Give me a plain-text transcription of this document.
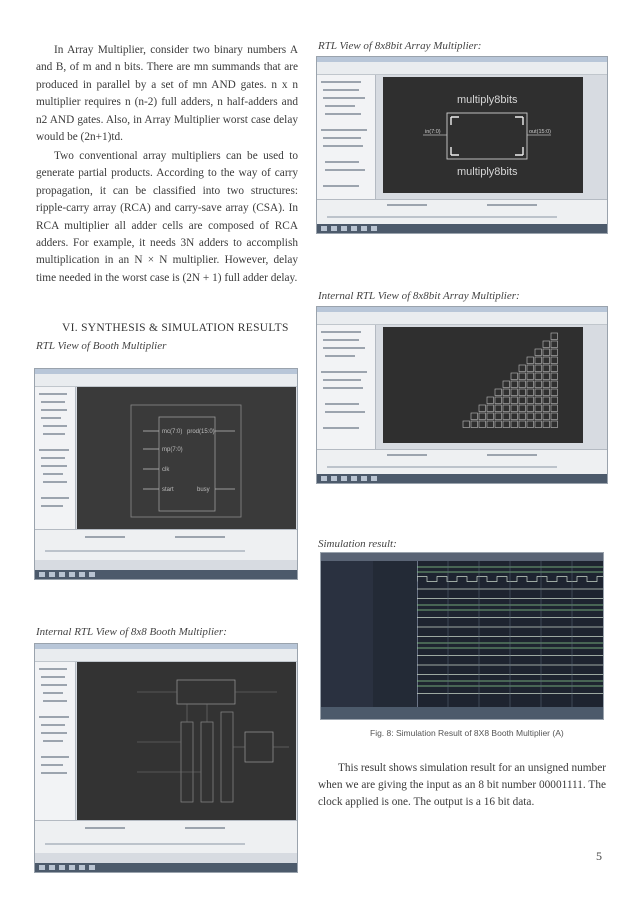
In Array Multiplier, consider two binary numbers A and B, of m and n bits. There are mn summands that are produced in parallel by a set of mn AND gates. n x n multiplier requires n (n-2) full adders, n half-adders and n2 AND gates. Also, in Array Multiplier worst case delay would be (2n+1)td.

Two conventional array multipliers can be used to generate partial products. According to the way of carry propagation, it can be classified into two structures: ripple-carry array (RCA) and carry-save array (CSA). In RCA multiplier all adder cells are composed of RCA adders. For example, it needs 3N adders to accomplish multiplication in an N × N multiplier. However, delay time needed in the worst case is (2N + 1) full adder delay.

VI. SYNTHESIS & SIMULATION RESULTS
RTL View of Booth Multiplier
mc(7:0) prod(15:0)
mp(7:0)
clk
start	busy
Internal RTL View of 8x8 Booth Multiplier:
RTL View of 8x8bit Array Multiplier:
multiply8bits
multiply8bits
in(7:0)	out(15:0)
Internal RTL View of 8x8bit Array Multiplier:
Simulation result:
Fig. 8: Simulation Result of 8X8 Booth Multiplier (A)

This result shows simulation result for an unsigned number when we are giving the input as an 8 bit number 00001111. The clock applied is one. The output is a 16 bit data.

5
